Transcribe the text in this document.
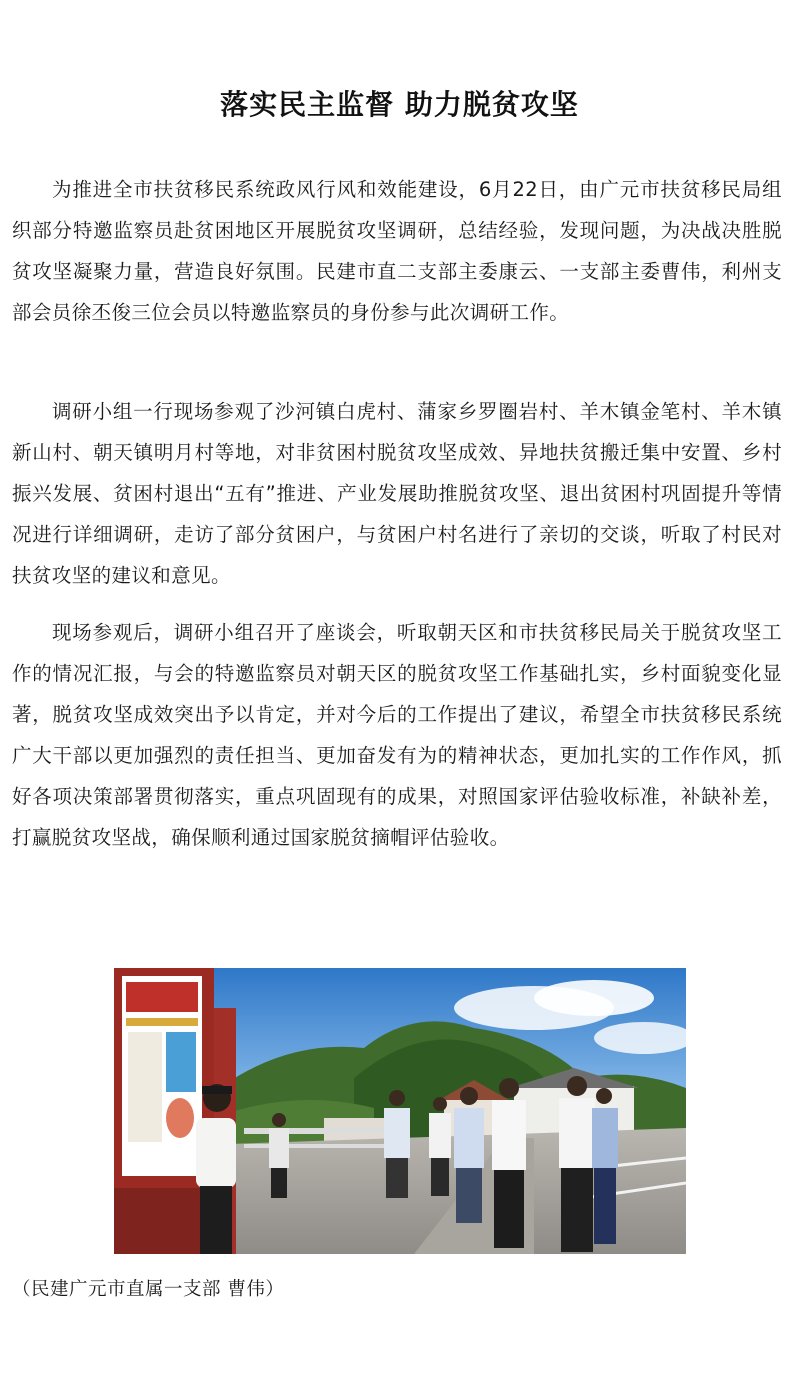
落实民主监督 助力脱贫攻坚

为推进全市扶贫移民系统政风行风和效能建设，6月22日，由广元市扶贫移民局组织部分特邀监察员赴贫困地区开展脱贫攻坚调研，总结经验，发现问题，为决战决胜脱贫攻坚凝聚力量，营造良好氛围。民建市直二支部主委康云、一支部主委曹伟，利州支部会员徐丕俊三位会员以特邀监察员的身份参与此次调研工作。

调研小组一行现场参观了沙河镇白虎村、蒲家乡罗圈岩村、羊木镇金笔村、羊木镇新山村、朝天镇明月村等地，对非贫困村脱贫攻坚成效、异地扶贫搬迁集中安置、乡村振兴发展、贫困村退出“五有”推进、产业发展助推脱贫攻坚、退出贫困村巩固提升等情况进行详细调研，走访了部分贫困户，与贫困户村名进行了亲切的交谈，听取了村民对扶贫攻坚的建议和意见。

现场参观后，调研小组召开了座谈会，听取朝天区和市扶贫移民局关于脱贫攻坚工作的情况汇报，与会的特邀监察员对朝天区的脱贫攻坚工作基础扎实，乡村面貌变化显著，脱贫攻坚成效突出予以肯定，并对今后的工作提出了建议，希望全市扶贫移民系统广大干部以更加强烈的责任担当、更加奋发有为的精神状态，更加扎实的工作作风，抓好各项决策部署贯彻落实，重点巩固现有的成果，对照国家评估验收标准，补缺补差，打赢脱贫攻坚战，确保顺利通过国家脱贫摘帽评估验收。

（民建广元市直属一支部 曹伟）
